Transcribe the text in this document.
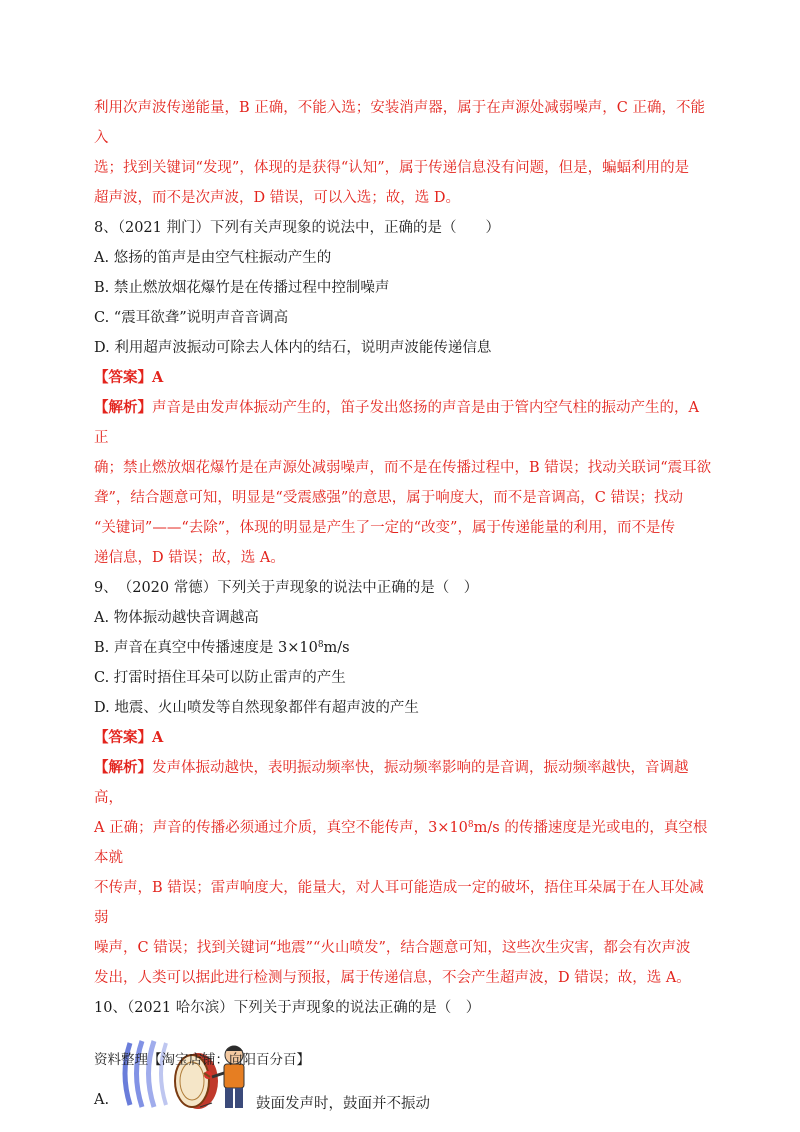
利用次声波传递能量，B 正确，不能入选；安装消声器，属于在声源处减弱噪声，C 正确，不能入

选；找到关键词“发现”，体现的是获得“认知”，属于传递信息没有问题，但是，蝙蝠利用的是

超声波，而不是次声波，D 错误，可以入选；故，选 D。

8、（2021 荆门）下列有关声现象的说法中，正确的是（　　）

A. 悠扬的笛声是由空气柱振动产生的

B. 禁止燃放烟花爆竹是在传播过程中控制噪声

C. “震耳欲聋”说明声音音调高

D. 利用超声波振动可除去人体内的结石，说明声波能传递信息

【答案】A

【解析】声音是由发声体振动产生的，笛子发出悠扬的声音是由于管内空气柱的振动产生的，A 正

确；禁止燃放烟花爆竹是在声源处减弱噪声，而不是在传播过程中，B 错误；找动关联词“震耳欲

聋”，结合题意可知，明显是“受震感强”的意思，属于响度大，而不是音调高，C 错误；找动

“关键词”——“去除”，体现的明显是产生了一定的“改变”，属于传递能量的利用，而不是传

递信息，D 错误；故，选 A。

9、　（2020 常德）下列关于声现象的说法中正确的是（　）

A. 物体振动越快音调越高

B. 声音在真空中传播速度是 $3\times 10^8m/s$

C. 打雷时捂住耳朵可以防止雷声的产生

D. 地震、火山喷发等自然现象都伴有超声波的产生

【答案】A

【解析】发声体振动越快，表明振动频率快，振动频率影响的是音调，振动频率越快，音调越高，

A 正确；声音的传播必须通过介质，真空不能传声，$3\times 10^8m/s$ 的传播速度是光或电的，真空根本就

不传声，B 错误；雷声响度大，能量大，对人耳可能造成一定的破坏，捂住耳朵属于在人耳处减弱

噪声，C 错误；找到关键词“地震”“火山喷发”，结合题意可知，这些次生灾害，都会有次声波

发出，人类可以据此进行检测与预报，属于传递信息，不会产生超声波，D 错误；故，选 A。

10、（2021 哈尔滨）下列关于声现象的说法正确的是（　）

A.	鼓面发声时，鼓面并不振动
资料整理【淘宝店铺：向阳百分百】
